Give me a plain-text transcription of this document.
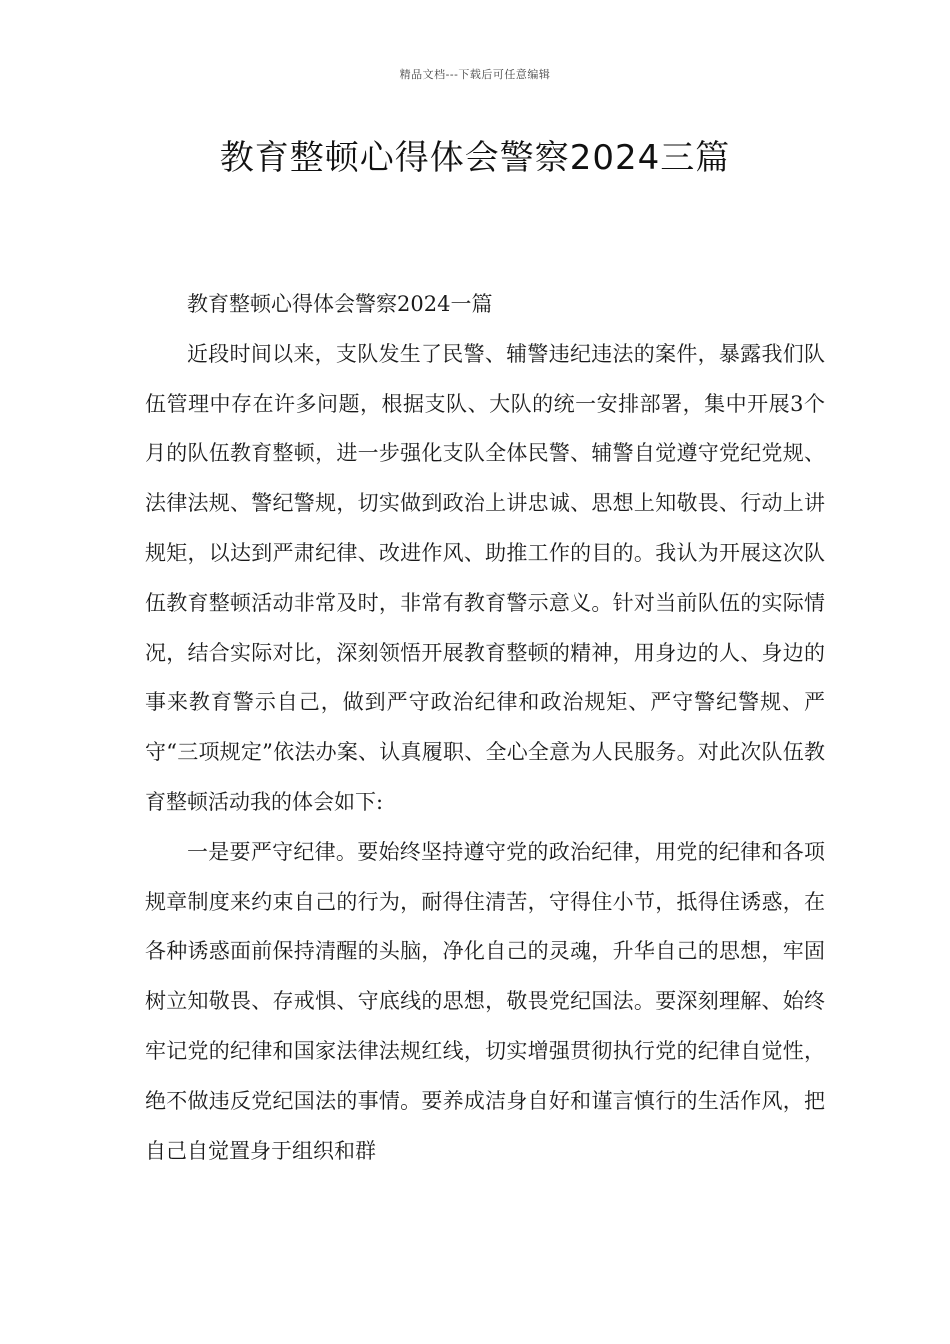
精品文档---下载后可任意编辑
教育整顿心得体会警察2024三篇

教育整顿心得体会警察2024一篇

近段时间以来，支队发生了民警、辅警违纪违法的案件，暴露我们队伍管理中存在许多问题，根据支队、大队的统一安排部署，集中开展3个月的队伍教育整顿，进一步强化支队全体民警、辅警自觉遵守党纪党规、法律法规、警纪警规，切实做到政治上讲忠诚、思想上知敬畏、行动上讲规矩，以达到严肃纪律、改进作风、助推工作的目的。我认为开展这次队伍教育整顿活动非常及时，非常有教育警示意义。针对当前队伍的实际情况，结合实际对比，深刻领悟开展教育整顿的精神，用身边的人、身边的事来教育警示自己，做到严守政治纪律和政治规矩、严守警纪警规、严守“三项规定”依法办案、认真履职、全心全意为人民服务。对此次队伍教育整顿活动我的体会如下:

一是要严守纪律。要始终坚持遵守党的政治纪律，用党的纪律和各项规章制度来约束自己的行为，耐得住清苦，守得住小节，抵得住诱惑，在各种诱惑面前保持清醒的头脑，净化自己的灵魂，升华自己的思想，牢固树立知敬畏、存戒惧、守底线的思想，敬畏党纪国法。要深刻理解、始终牢记党的纪律和国家法律法规红线，切实增强贯彻执行党的纪律自觉性，绝不做违反党纪国法的事情。要养成洁身自好和谨言慎行的生活作风，把自己自觉置身于组织和群
